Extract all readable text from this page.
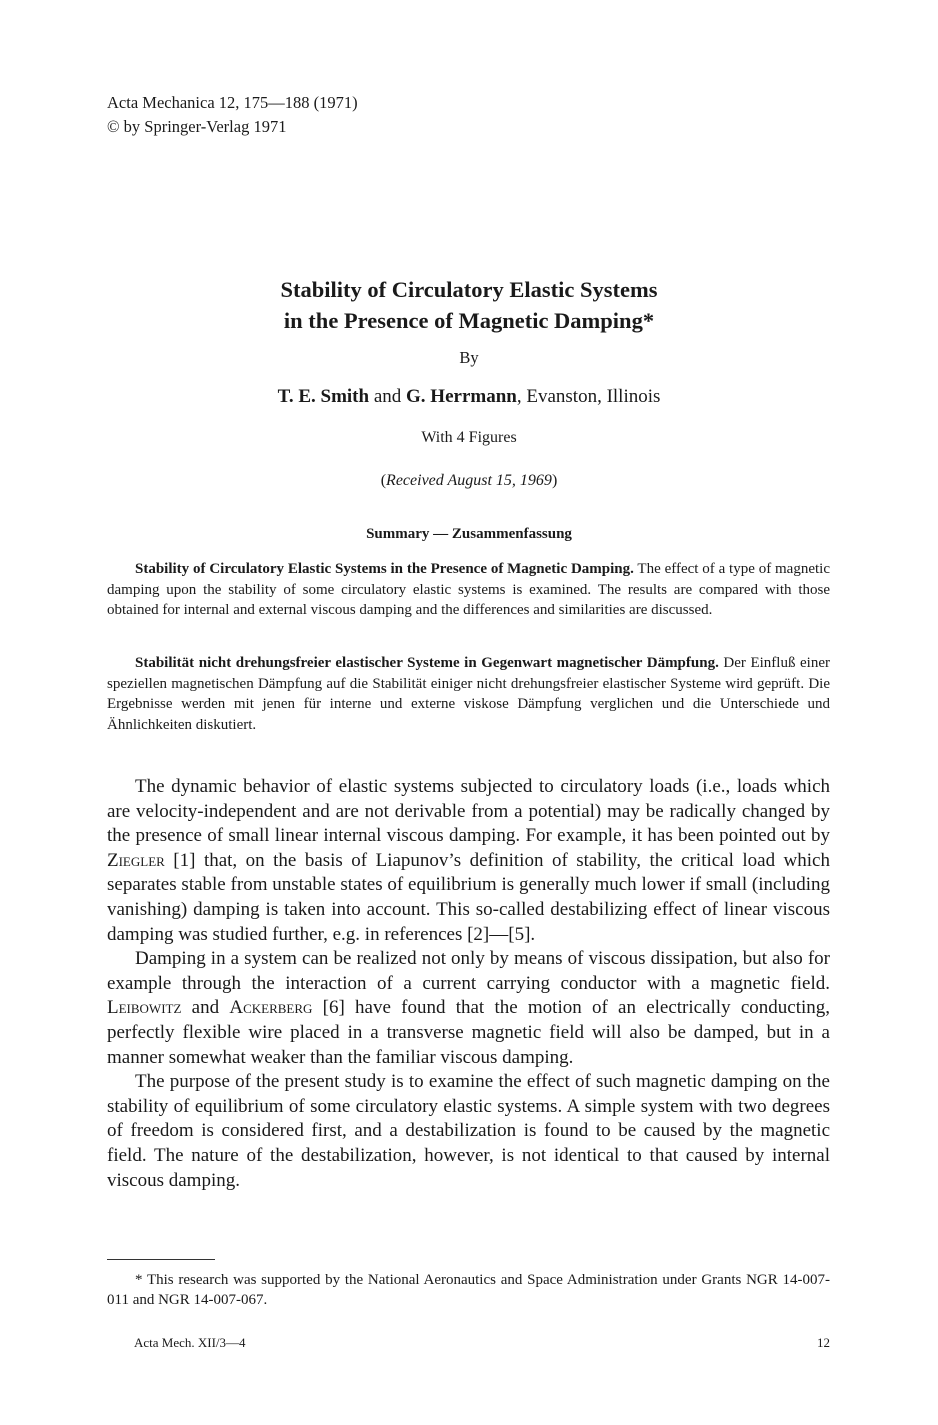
Acta Mechanica 12, 175—188 (1971)
© by Springer-Verlag 1971
Stability of Circulatory Elastic Systems
in the Presence of Magnetic Damping*
By
T. E. Smith and G. Herrmann, Evanston, Illinois
With 4 Figures
(Received August 15, 1969)
Summary — Zusammenfassung

Stability of Circulatory Elastic Systems in the Presence of Magnetic Damping. The effect of a type of magnetic damping upon the stability of some circulatory elastic systems is examined. The results are compared with those obtained for internal and external viscous damping and the differences and similarities are discussed.

Stabilität nicht drehungsfreier elastischer Systeme in Gegenwart magnetischer Dämpfung. Der Einfluß einer speziellen magnetischen Dämpfung auf die Stabilität einiger nicht drehungsfreier elastischer Systeme wird geprüft. Die Ergebnisse werden mit jenen für interne und externe viskose Dämpfung verglichen und die Unterschiede und Ähnlichkeiten diskutiert.

The dynamic behavior of elastic systems subjected to circulatory loads (i.e., loads which are velocity-independent and are not derivable from a potential) may be radically changed by the presence of small linear internal viscous damping. For example, it has been pointed out by Ziegler [1] that, on the basis of Liapunov’s definition of stability, the critical load which separates stable from unstable states of equilibrium is generally much lower if small (including vanishing) damping is taken into account. This so-called destabilizing effect of linear viscous damping was studied further, e.g. in references [2]—[5].

Damping in a system can be realized not only by means of viscous dissipation, but also for example through the interaction of a current carrying conductor with a magnetic field. Leibowitz and Ackerberg [6] have found that the motion of an electrically conducting, perfectly flexible wire placed in a transverse magnetic field will also be damped, but in a manner somewhat weaker than the familiar viscous damping.

The purpose of the present study is to examine the effect of such magnetic damping on the stability of equilibrium of some circulatory elastic systems. A simple system with two degrees of freedom is considered first, and a destabilization is found to be caused by the magnetic field. The nature of the destabilization, however, is not identical to that caused by internal viscous damping.

* This research was supported by the National Aeronautics and Space Administration under Grants NGR 14-007-011 and NGR 14-007-067.

Acta Mech. XII/3—4	12
